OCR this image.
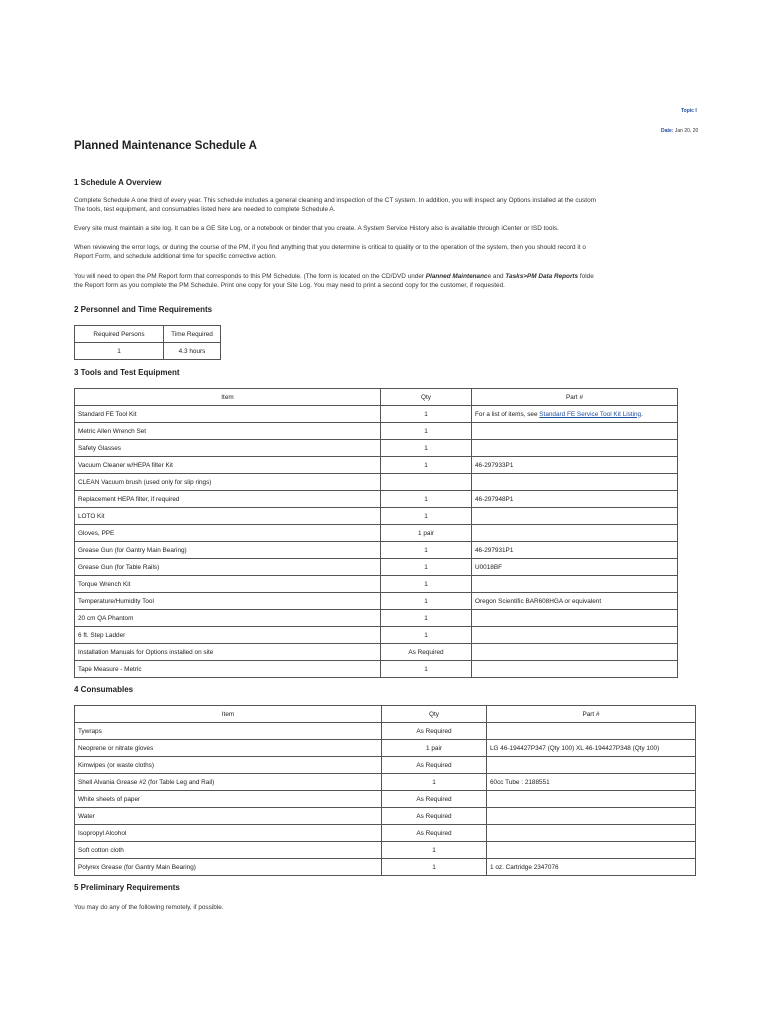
Topic I
Date: Jan 20, 20
Planned Maintenance Schedule A
1 Schedule A Overview

Complete Schedule A one third of every year. This schedule includes a general cleaning and inspection of the CT system. In addition, you will inspect any Options installed at the custom
The tools, test equipment, and consumables listed here are needed to complete Schedule A.

Every site must maintain a site log. It can be a GE Site Log, or a notebook or binder that you create. A System Service History also is available through iCenter or ISD tools.

When reviewing the error logs, or during the course of the PM, if you find anything that you determine is critical to quality or to the operation of the system, then you should record it o
Report Form, and schedule additional time for specific corrective action.

You will need to open the PM Report form that corresponds to this PM Schedule. (The form is located on the CD/DVD under Planned Maintenance and Tasks>PM Data Reports folde
the Report form as you complete the PM Schedule. Print one copy for your Site Log. You may need to print a second copy for the customer, if requested.

2 Personnel and Time Requirements
Required Persons	Time Required
1	4.3 hours
3 Tools and Test Equipment
Item	Qty	Part #
Standard FE Tool Kit	1	For a list of items, see Standard FE Service Tool Kit Listing.
Metric Allen Wrench Set	1	
Safety Glasses	1	
Vacuum Cleaner w/HEPA filter Kit	1	46-297933P1
CLEAN Vacuum brush (used only for slip rings)		
Replacement HEPA filter, if required	1	46-297948P1
LOTO Kit	1	
Gloves, PPE	1 pair	
Grease Gun (for Gantry Main Bearing)	1	46-297931P1
Grease Gun (for Table Rails)	1	U0018BF
Torque Wrench Kit	1	
Temperature/Humidity Tool	1	Oregon Scientific BAR608HGA or equivalent
20 cm QA Phantom	1	
6 ft. Step Ladder	1	
Installation Manuals for Options installed on site	As Required	
Tape Measure - Metric	1	
4 Consumables
Item	Qty	Part #
Tywraps	As Required	
Neoprene or nitrate gloves	1 pair	LG 46-194427P347 (Qty 100) XL 46-194427P348 (Qty 100)
Kimwipes (or waste cloths)	As Required	
Shell Alvania Grease #2 (for Table Leg and Rail)	1	60cc Tube : 2188551
White sheets of paper	As Required	
Water	As Required	
Isopropyl Alcohol	As Required	
Soft cotton cloth	1	
Polyrex Grease (for Gantry Main Bearing)	1	1 oz. Cartridge 2347076
5 Preliminary Requirements

You may do any of the following remotely, if possible.
